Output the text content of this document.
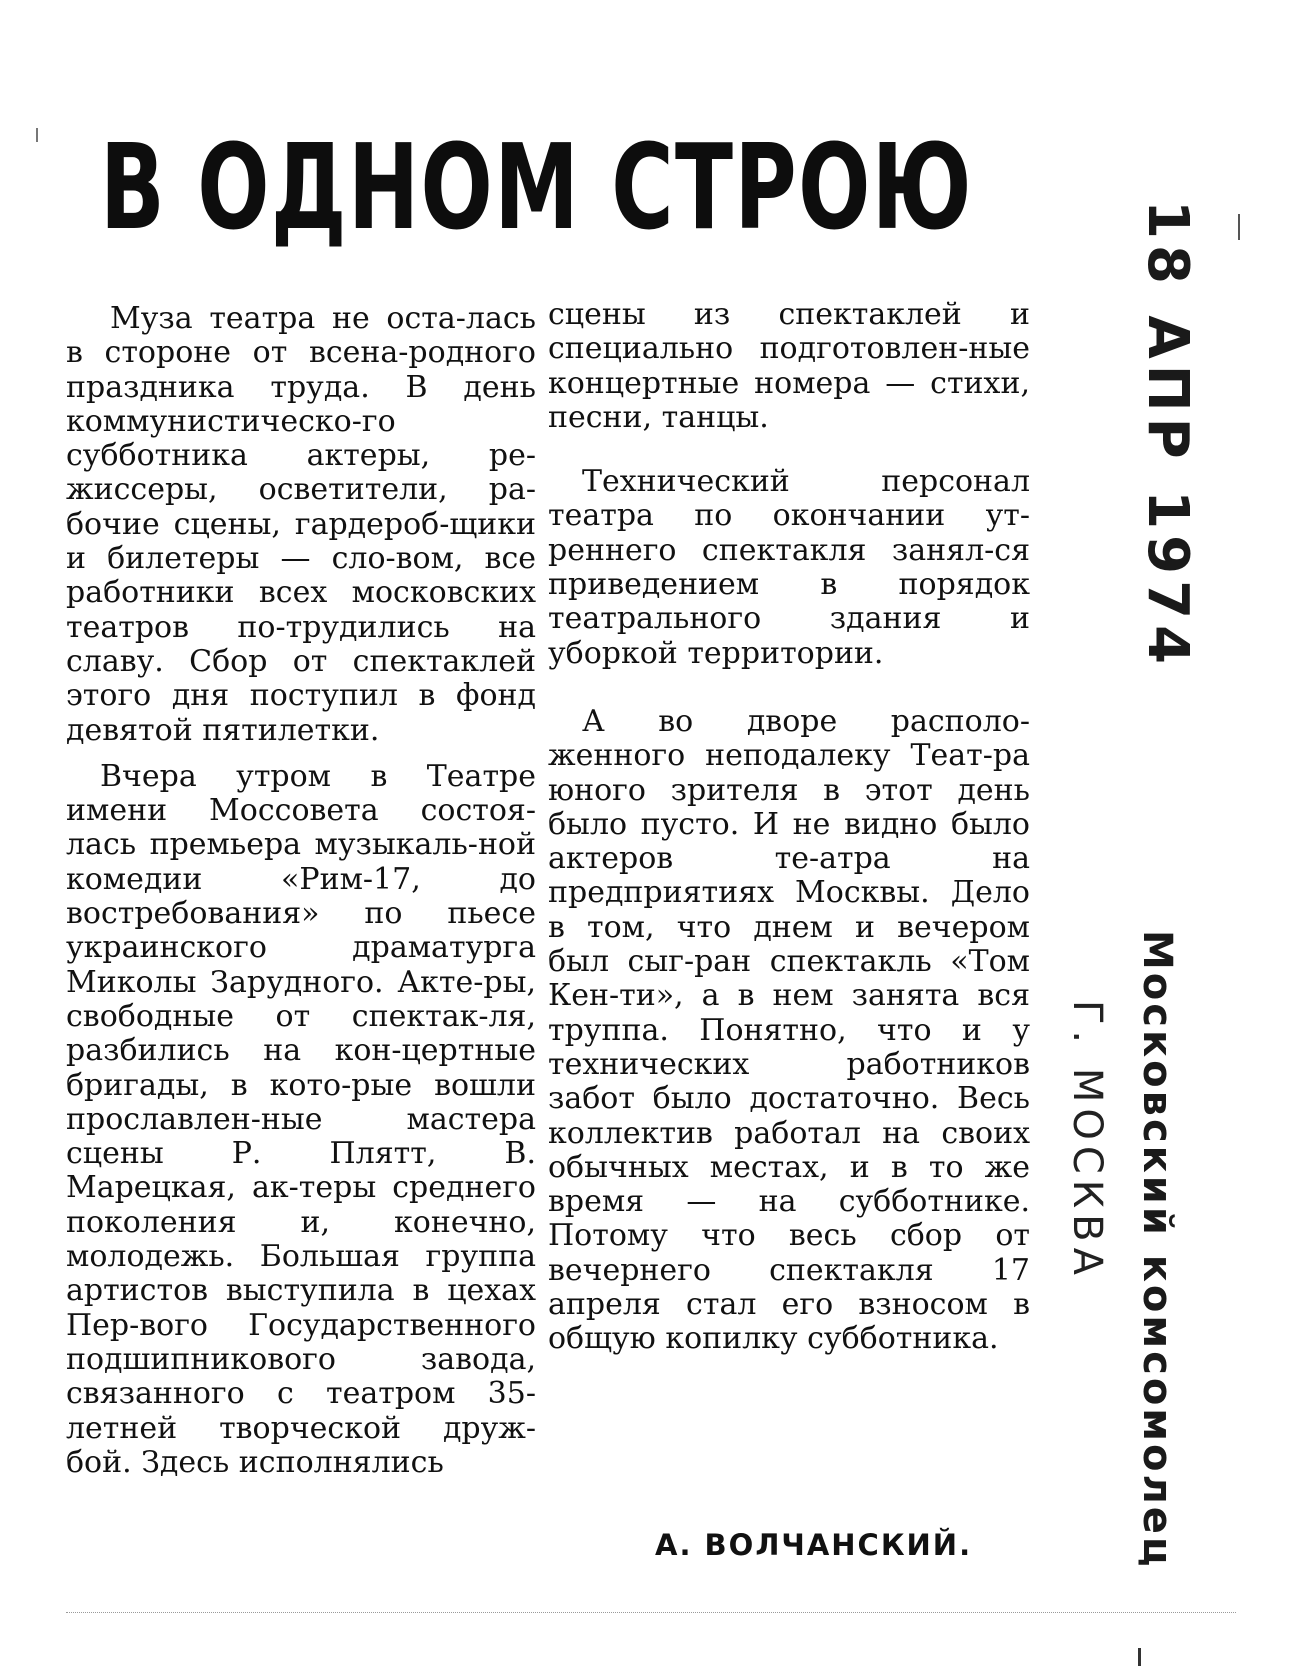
В ОДНОМ СТРОЮ

Муза театра не оста-лась в стороне от всена-родного праздника труда. В день коммунистическо-го субботника актеры, ре-жиссеры, осветители, ра-бочие сцены, гардероб-щики и билетеры — сло-вом, все работники всех московских театров по-трудились на славу. Сбор от спектаклей этого дня поступил в фонд девятой пятилетки.

Вчера утром в Театре имени Моссовета состоя-лась премьера музыкаль-ной комедии «Рим-17, до востребования» по пьесе украинского драматурга Миколы Зарудного. Акте-ры, свободные от спектак-ля, разбились на кон-цертные бригады, в кото-рые вошли прославлен-ные мастера сцены Р. Плятт, В. Марецкая, ак-теры среднего поколения и, конечно, молодежь. Большая группа артистов выступила в цехах Пер-вого Государственного подшипникового завода, связанного с театром 35-летней творческой друж-бой. Здесь исполнялись

сцены из спектаклей и специально подготовлен-ные концертные номера — стихи, песни, танцы.

Технический персонал театра по окончании ут-реннего спектакля занял-ся приведением в порядок театрального здания и уборкой территории.

А во дворе располо-женного неподалеку Теат-ра юного зрителя в этот день было пусто. И не видно было актеров те-атра на предприятиях Москвы. Дело в том, что днем и вечером был сыг-ран спектакль «Том Кен-ти», а в нем занята вся труппа. Понятно, что и у технических работников забот было достаточно. Весь коллектив работал на своих обычных местах, и в то же время — на субботнике. Потому что весь сбор от вечернего спектакля 17 апреля стал его взносом в общую копилку субботника.

А. ВОЛЧАНСКИЙ.
18 АПР 1974
Г. МОСКВА Московский комсомолец
